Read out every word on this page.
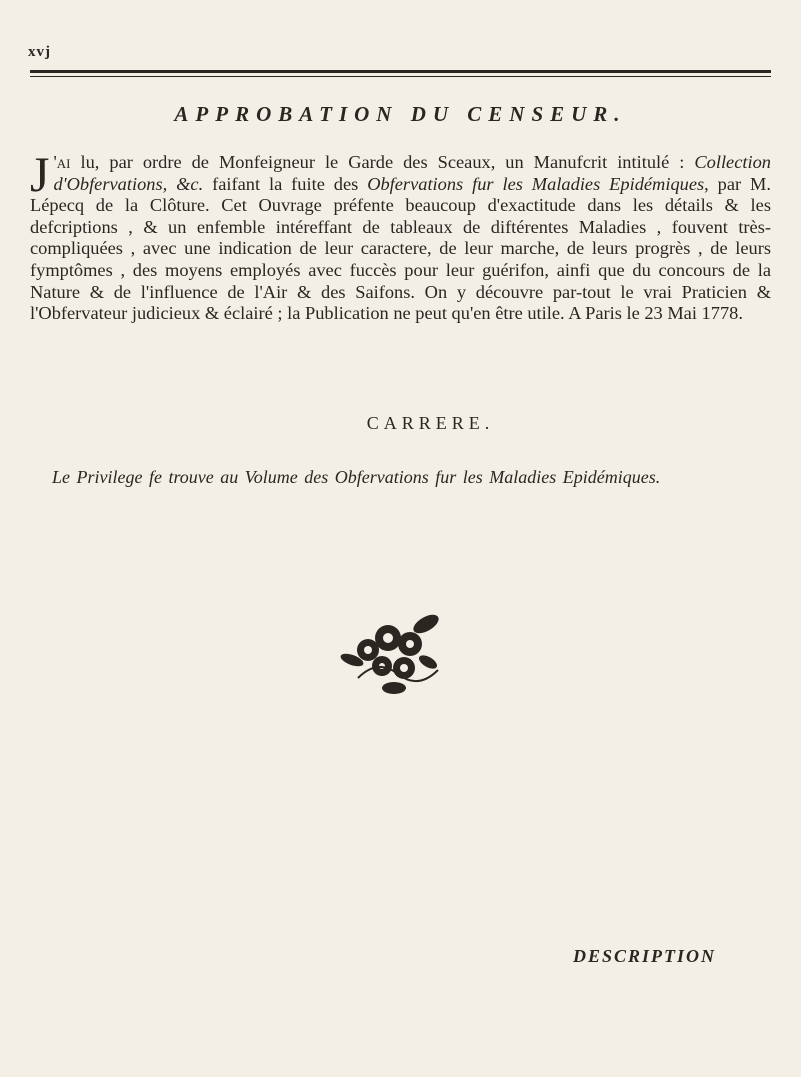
xvj
APPROBATION DU CENSEUR.

J 'ai lu, par ordre de Monfeigneur le Garde des Sceaux, un Manufcrit intitulé : Collection d'Obfervations, &c. faifant la fuite des Obfervations fur les Maladies Epidémiques, par M. Lépecq de la Clôture. Cet Ouvrage préfente beaucoup d'exactitude dans les détails & les defcriptions , & un enfemble intéreffant de tableaux de diftérentes Maladies , fouvent très-compliquées , avec une indication de leur caractere, de leur marche, de leurs progrès , de leurs fymptômes , des moyens employés avec fuccès pour leur guérifon, ainfi que du concours de la Nature & de l'influence de l'Air & des Saifons. On y découvre par-tout le vrai Praticien & l'Obfervateur judicieux & éclairé ; la Publication ne peut qu'en être utile. A Paris le 23 Mai 1778.

CARRERE.

Le Privilege fe trouve au Volume des Obfervations fur les Maladies Epidémiques.

DESCRIPTION
